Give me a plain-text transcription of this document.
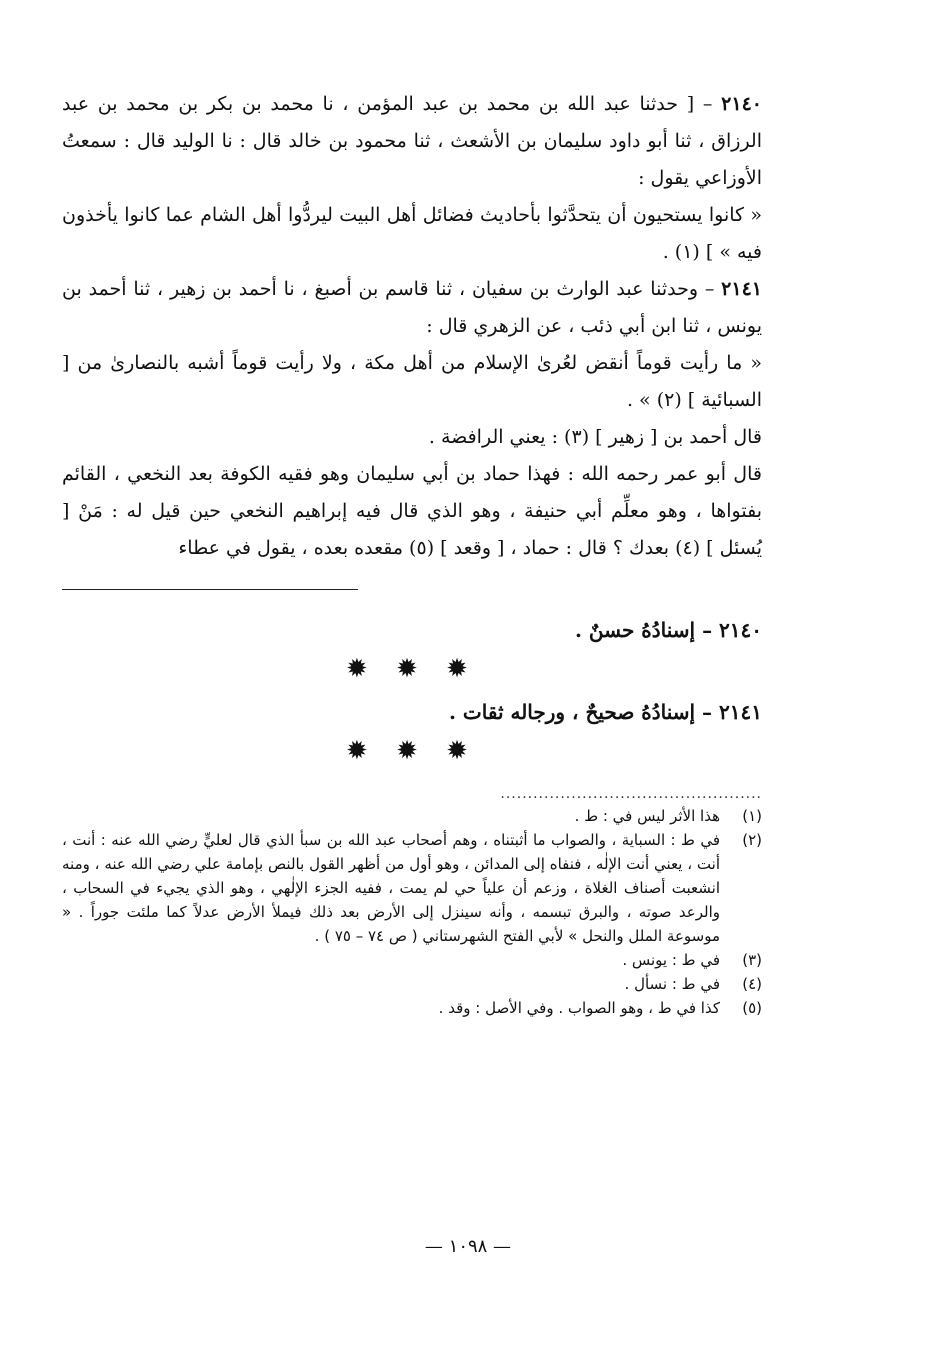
٢١٤٠ – [ حدثنا عبد الله بن محمد بن عبد المؤمن ، نا محمد بن بكر بن محمد بن عبد الرزاق ، ثنا أبو داود سليمان بن الأشعث ، ثنا محمود بن خالد قال : نا الوليد قال : سمعتُ الأوزاعي يقول :

« كانوا يستحيون أن يتحدَّثوا بأحاديث فضائل أهل البيت ليردُّوا أهل الشام عما كانوا يأخذون فيه » ] (١) .

٢١٤١ – وحدثنا عبد الوارث بن سفيان ، ثنا قاسم بن أصبغ ، نا أحمد بن زهير ، ثنا أحمد بن يونس ، ثنا ابن أبي ذئب ، عن الزهري قال :

« ما رأيت قوماً أنقض لعُرىٰ الإسلام من أهل مكة ، ولا رأيت قوماً أشبه بالنصارىٰ من [ السبائية ] (٢) » .

قال أحمد بن [ زهير ] (٣) : يعني الرافضة .

قال أبو عمر رحمه الله : فهذا حماد بن أبي سليمان وهو فقيه الكوفة بعد النخعي ، القائم بفتواها ، وهو معلِّم أبي حنيفة ، وهو الذي قال فيه إبراهيم النخعي حين قيل له : مَنْ [ يُسئل ] (٤) بعدك ؟ قال : حماد ، [ وقعد ] (٥) مقعده بعده ، يقول في عطاء

٢١٤٠ – إسنادُهُ حسنٌ .
✹ ✹ ✹
٢١٤١ – إسنادُهُ صحيحٌ ، ورجاله ثقات .
✹ ✹ ✹
................................................
(١)
هذا الأثر ليس في : ط .
(٢)
في ط : السباية ، والصواب ما أثبتناه ، وهم أصحاب عبد الله بن سبأ الذي قال لعليٍّ رضي الله عنه : أنت ، أنت ، يعني أنت الإلٰه ، فنفاه إلى المدائن ، وهو أول من أظهر القول بالنص بإمامة علي رضي الله عنه ، ومنه انشعبت أصناف الغلاة ، وزعم أن علياً حي لم يمت ، ففيه الجزء الإلٰهي ، وهو الذي يجيء في السحاب ، والرعد صوته ، والبرق تبسمه ، وأنه سينزل إلى الأرض بعد ذلك فيملأ الأرض عدلاً كما ملئت جوراً . « موسوعة الملل والنحل » لأبي الفتح الشهرستاني ( ص ٧٤ – ٧٥ ) .
(٣)
في ط : يونس .
(٤)
في ط : نسأل .
(٥)
كذا في ط ، وهو الصواب . وفي الأصل : وقد .
— ١٠٩٨ —
